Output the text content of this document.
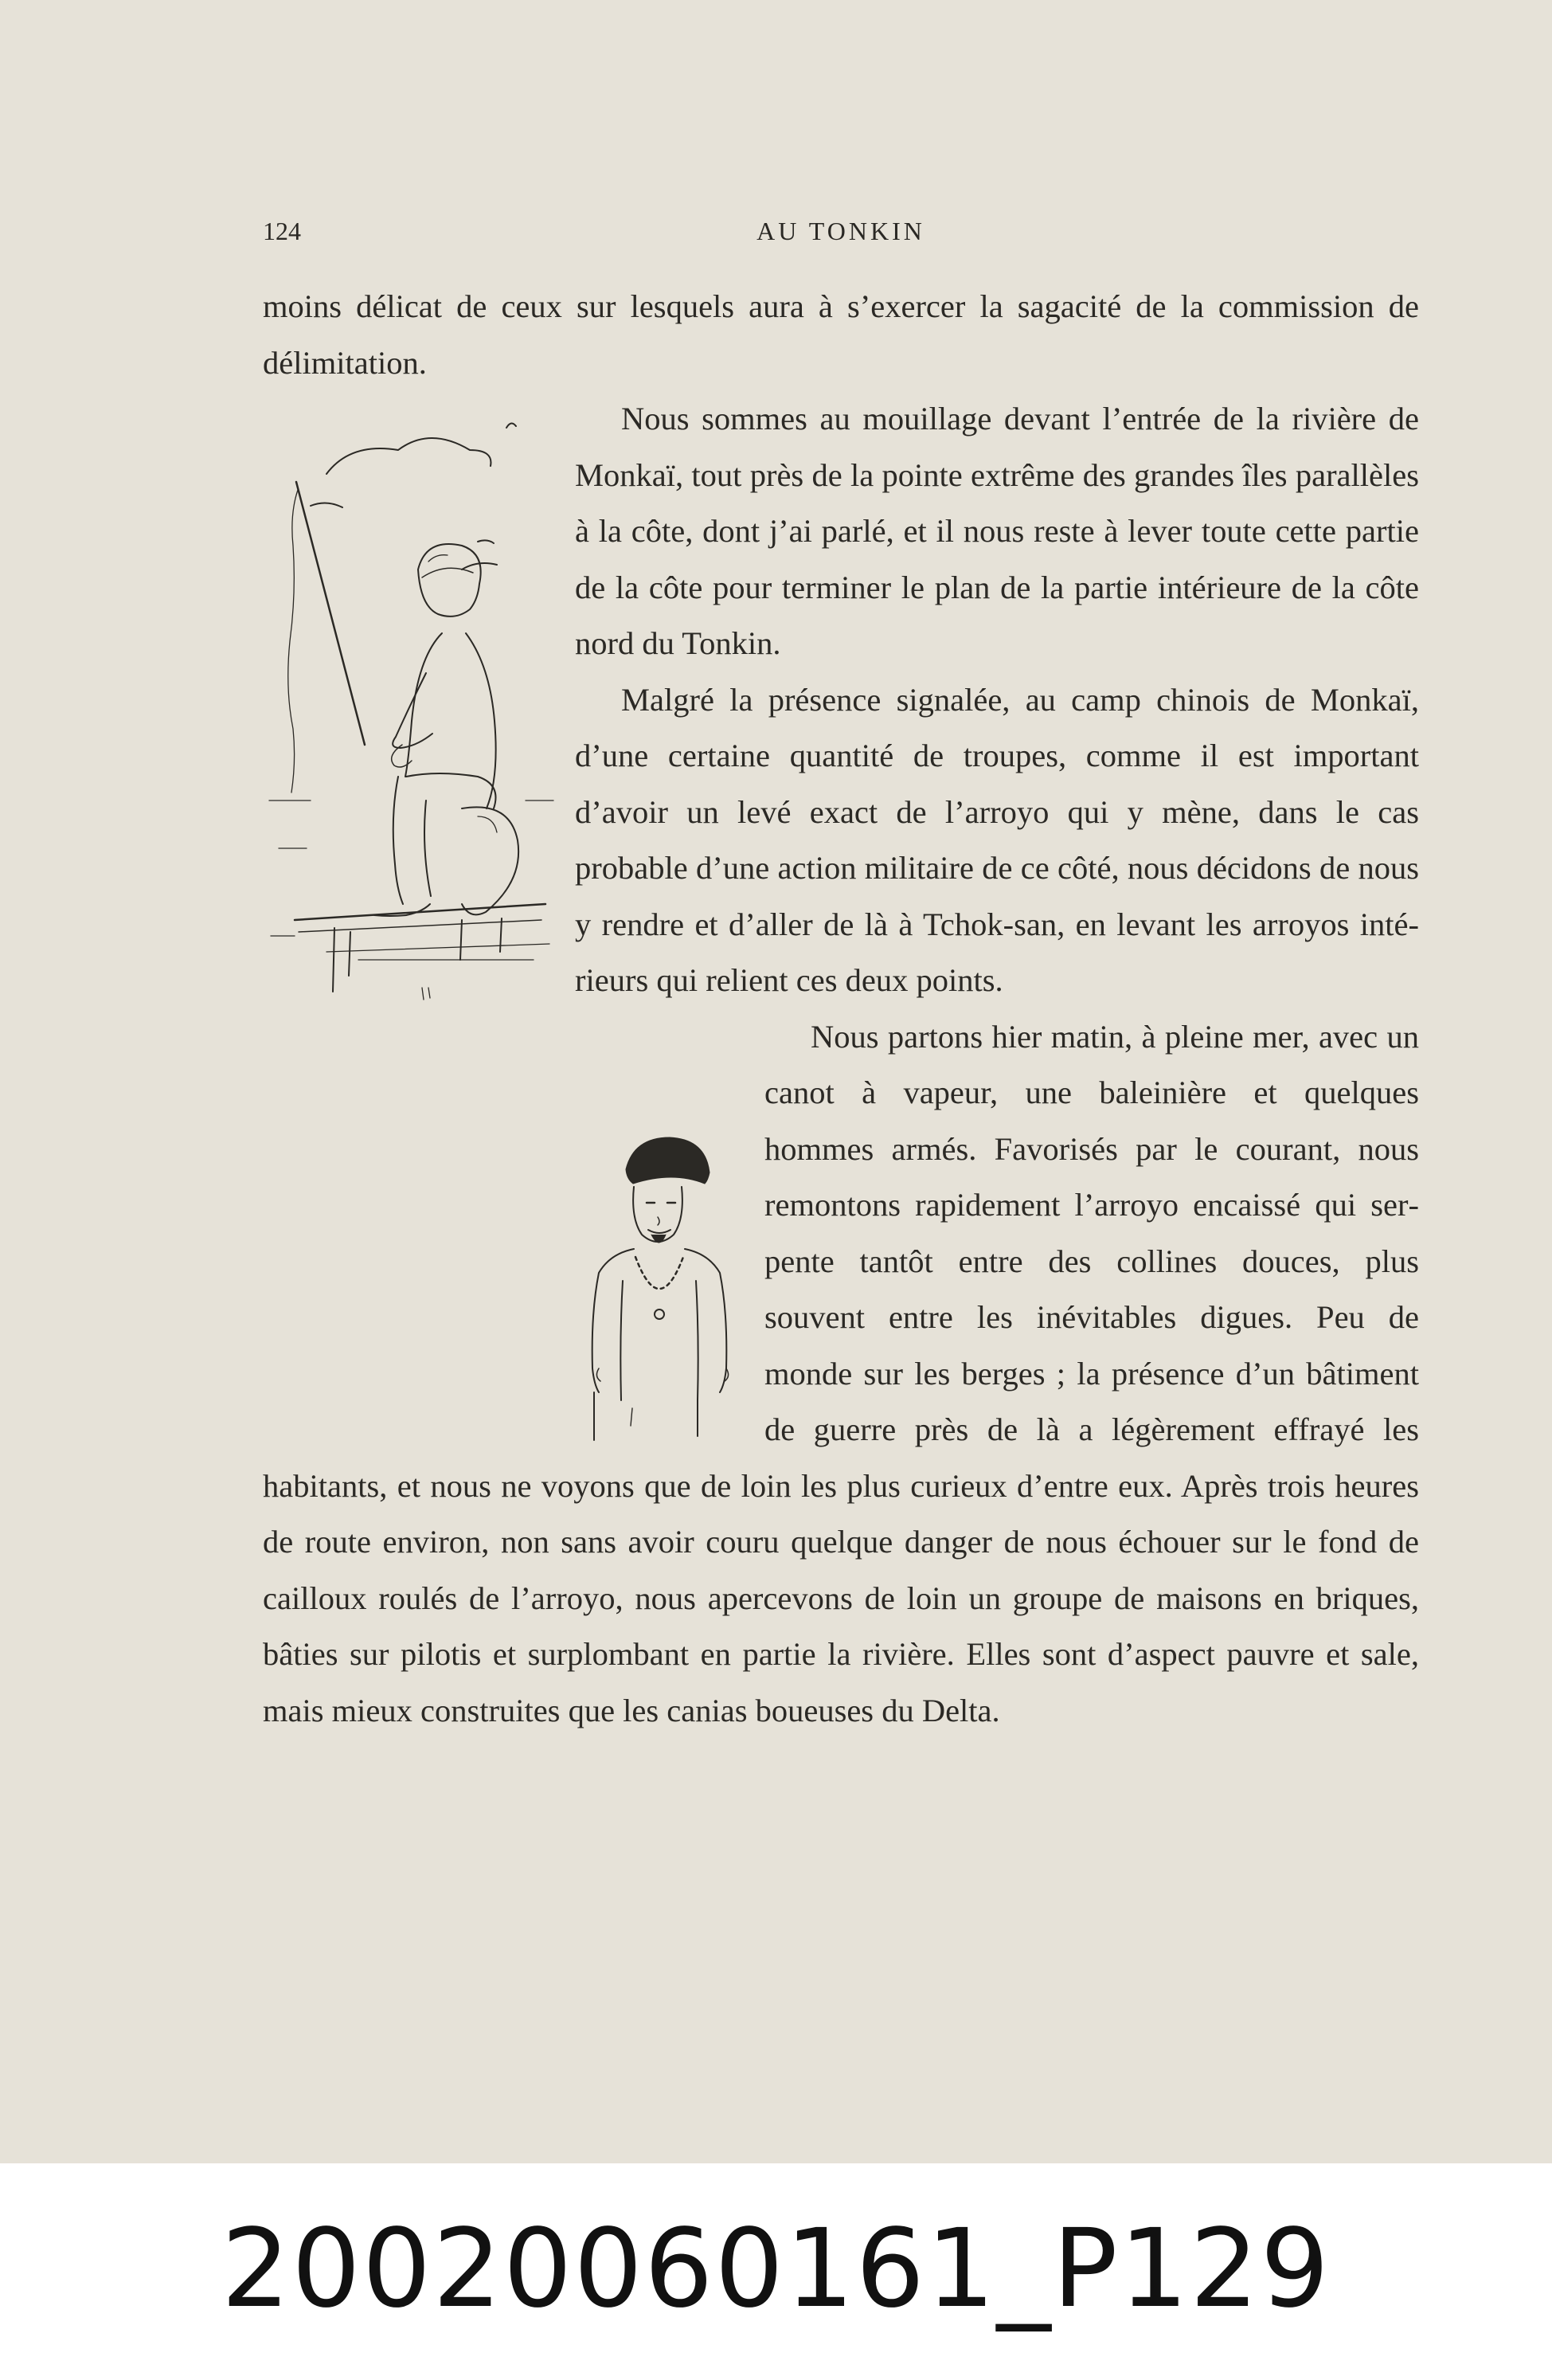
124	AU TONKIN

moins délicat de ceux sur lesquels aura à s’exercer la sagacité de la commission de délimitation.

Nous sommes au mouillage devant l’entrée de la rivière de Monkaï, tout près de la pointe extrême des grandes îles parallèles à la côte, dont j’ai parlé, et il nous reste à lever toute cette partie de la côte pour terminer le plan de la partie intérieure de la côte nord du Tonkin.

Malgré la présence signalée, au camp chinois de Monkaï, d’une certaine quantité de troupes, comme il est important d’avoir un levé exact de l’arroyo qui y mène, dans le cas probable d’une action militaire de ce côté, nous décidons de nous y rendre et d’aller de là à Tchok-san, en levant les arroyos intérieurs qui relient ces deux points.

Nous partons hier matin, à pleine mer, avec un canot à vapeur, une baleinière et quelques hommes armés. Favorisés par le courant, nous remontons rapidement l’arroyo encaissé qui serpente tantôt entre des collines douces, plus souvent entre les inévitables digues. Peu de monde sur les berges ; la présence d’un bâtiment de guerre près de là a légèrement effrayé les habitants, et nous ne voyons que de loin les plus curieux d’entre eux. Après trois heures de route environ, non sans avoir couru quelque danger de nous échouer sur le fond de cailloux roulés de l’arroyo, nous apercevons de loin un groupe de maisons en briques, bâties sur pilotis et surplombant en partie la rivière. Elles sont d’aspect pauvre et sale, mais mieux construites que les canias boueuses du Delta.

20020060161_P129
